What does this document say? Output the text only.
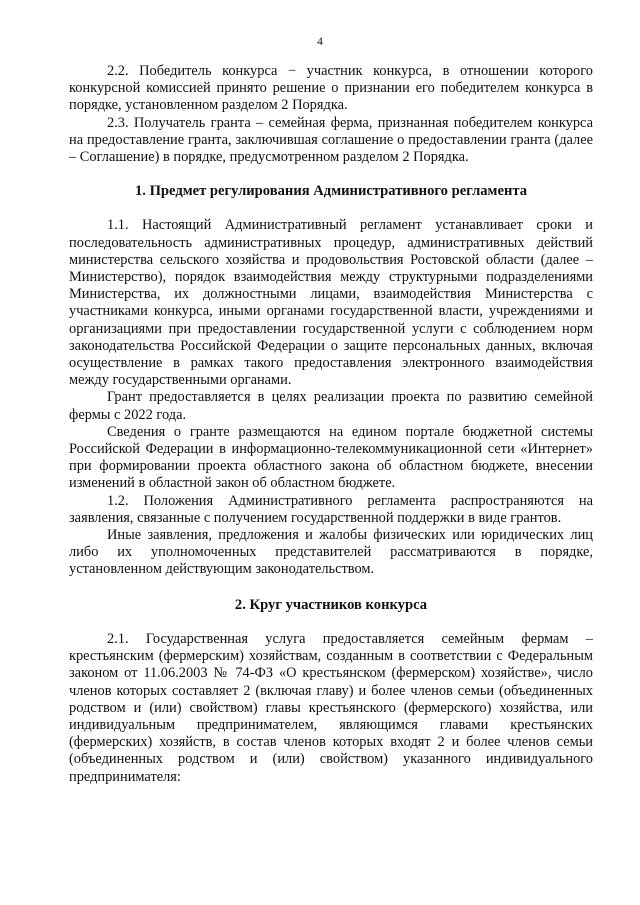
4

2.2. Победитель конкурса − участник конкурса, в отношении которого конкурсной комиссией принято решение о признании его победителем конкурса в порядке, установленном разделом 2 Порядка.

2.3. Получатель гранта – семейная ферма, признанная победителем конкурса на предоставление гранта, заключившая соглашение о предоставлении гранта (далее – Соглашение) в порядке, предусмотренном разделом 2 Порядка.

1. Предмет регулирования Административного регламента

1.1. Настоящий Административный регламент устанавливает сроки и последовательность административных процедур, административных действий министерства сельского хозяйства и продовольствия Ростовской области (далее – Министерство), порядок взаимодействия между структурными подразделениями Министерства, их должностными лицами, взаимодействия Министерства с участниками конкурса, иными органами государственной власти, учреждениями и организациями при предоставлении государственной услуги с соблюдением норм законодательства Российской Федерации о защите персональных данных, включая осуществление в рамках такого предоставления электронного взаимодействия между государственными органами.

Грант предоставляется в целях реализации проекта по развитию семейной фермы с 2022 года.

Сведения о гранте размещаются на едином портале бюджетной системы Российской Федерации в информационно-телекоммуникационной сети «Интернет» при формировании проекта областного закона об областном бюджете, внесении изменений в областной закон об областном бюджете.

1.2. Положения Административного регламента распространяются на заявления, связанные с получением государственной поддержки в виде грантов.

Иные заявления, предложения и жалобы физических или юридических лиц либо их уполномоченных представителей рассматриваются в порядке, установленном действующим законодательством.

2. Круг участников конкурса

2.1. Государственная услуга предоставляется семейным фермам – крестьянским (фермерским) хозяйствам, созданным в соответствии с Федеральным законом от 11.06.2003 № 74-ФЗ «О крестьянском (фермерском) хозяйстве», число членов которых составляет 2 (включая главу) и более членов семьи (объединенных родством и (или) свойством) главы крестьянского (фермерского) хозяйства, или индивидуальным предпринимателем, являющимся главами крестьянских (фермерских) хозяйств, в состав членов которых входят 2 и более членов семьи (объединенных родством и (или) свойством) указанного индивидуального предпринимателя:
